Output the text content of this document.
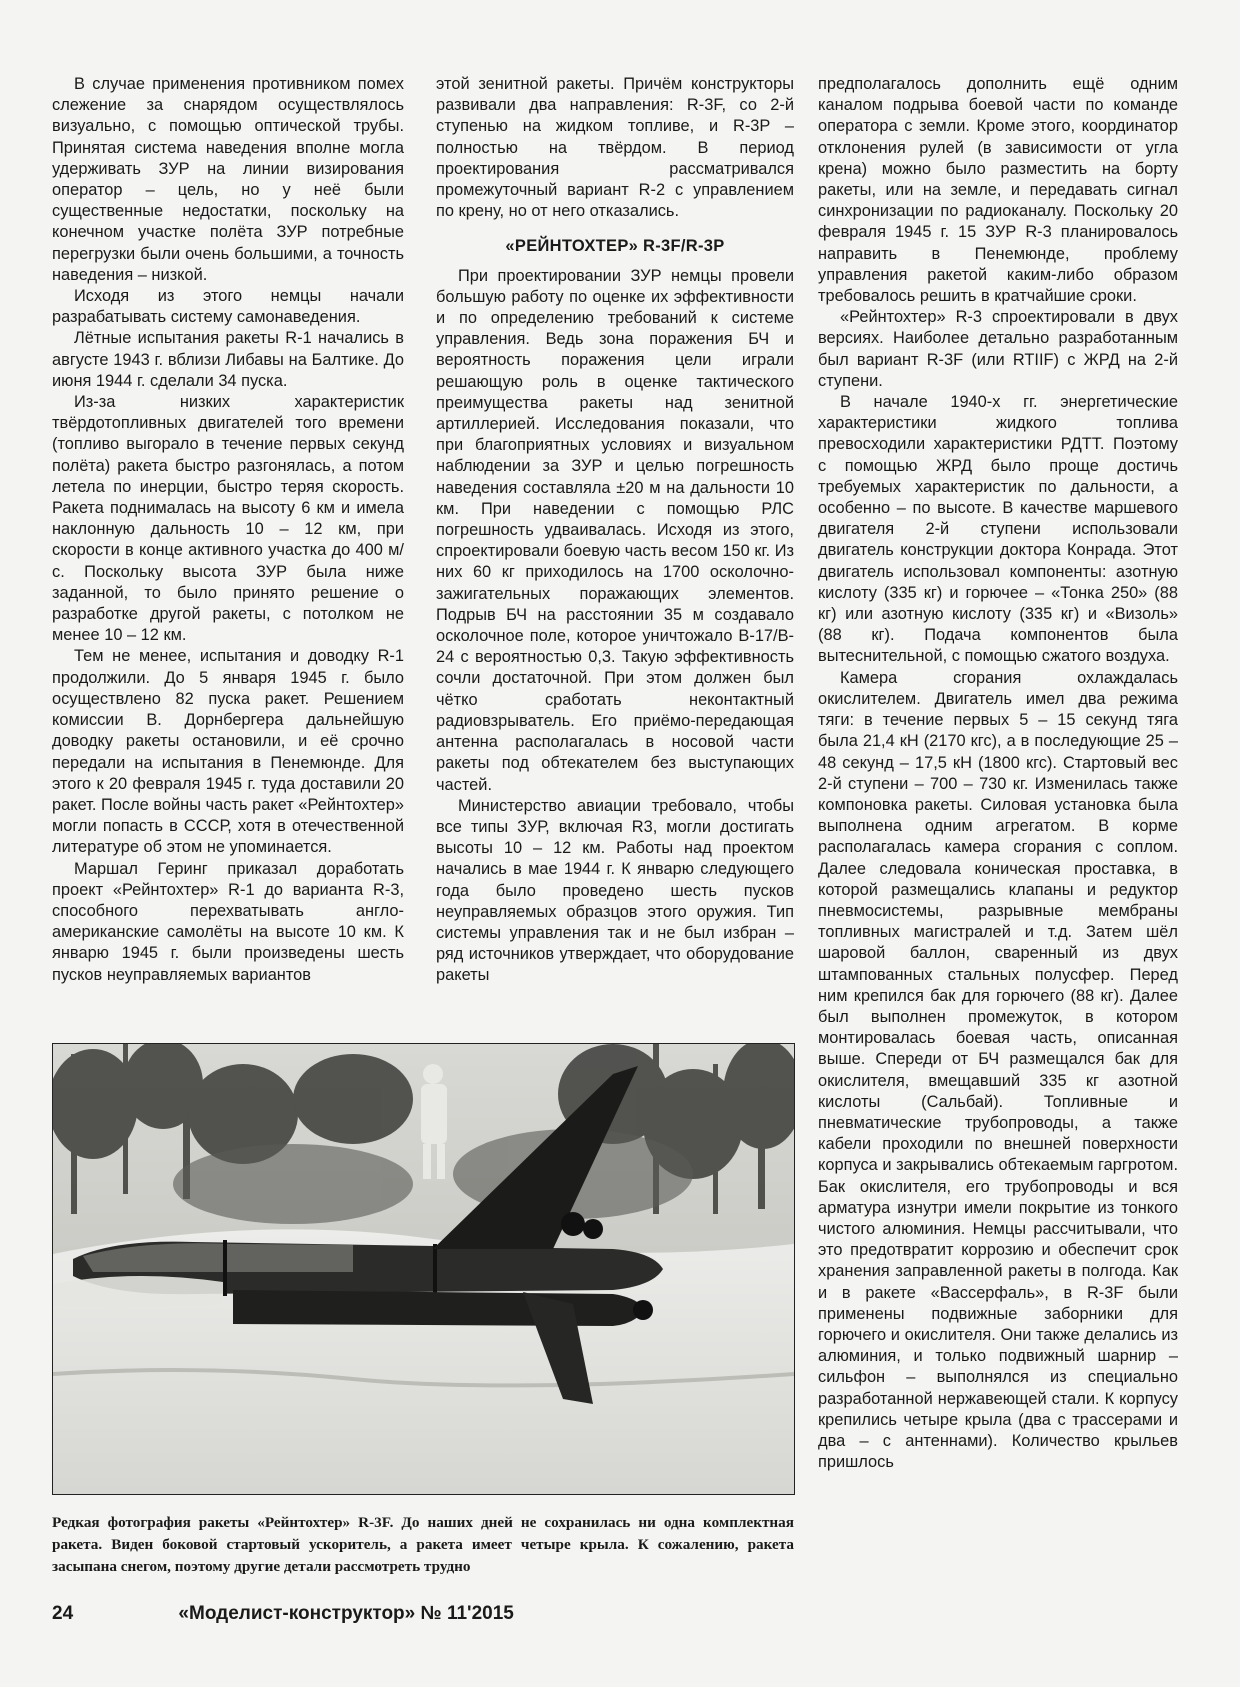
В случае применения противником помех слежение за снарядом осуществлялось визуально, с помощью оптической трубы. Принятая система наведения вполне могла удерживать ЗУР на линии визирования оператор – цель, но у неё были существенные недостатки, поскольку на конечном участке полёта ЗУР потребные перегрузки были очень большими, а точность наведения – низкой.

Исходя из этого немцы начали разрабатывать систему самонаведения.

Лётные испытания ракеты R-1 начались в августе 1943 г. вблизи Либавы на Балтике. До июня 1944 г. сделали 34 пуска.

Из-за низких характеристик твёрдотопливных двигателей того времени (топливо выгорало в течение первых секунд полёта) ракета быстро разгонялась, а потом летела по инерции, быстро теряя скорость. Ракета поднималась на высоту 6 км и имела наклонную дальность 10 – 12 км, при скорости в конце активного участка до 400 м/с. Поскольку высота ЗУР была ниже заданной, то было принято решение о разработке другой ракеты, с потолком не менее 10 – 12 км.

Тем не менее, испытания и доводку R-1 продолжили. До 5 января 1945 г. было осуществлено 82 пуска ракет. Решением комиссии В. Дорнбергера дальнейшую доводку ракеты остановили, и её срочно передали на испытания в Пенемюнде. Для этого к 20 февраля 1945 г. туда доставили 20 ракет. После войны часть ракет «Рейнтохтер» могли попасть в СССР, хотя в отечественной литературе об этом не упоминается.

Маршал Геринг приказал доработать проект «Рейнтохтер» R-1 до варианта R-3, способного перехватывать англо-американские самолёты на высоте 10 км. К январю 1945 г. были произведены шесть пусков неуправляемых вариантов

этой зенитной ракеты. Причём конструкторы развивали два направления: R-3F, со 2-й ступенью на жидком топливе, и R-3P – полностью на твёрдом. В период проектирования рассматривался промежуточный вариант R-2 с управлением по крену, но от него отказались.

«РЕЙНТОХТЕР» R-3F/R-3P

При проектировании ЗУР немцы провели большую работу по оценке их эффективности и по определению требований к системе управления. Ведь зона поражения БЧ и вероятность поражения цели играли решающую роль в оценке тактического преимущества ракеты над зенитной артиллерией. Исследования показали, что при благоприятных условиях и визуальном наблюдении за ЗУР и целью погрешность наведения составляла ±20 м на дальности 10 км. При наведении с помощью РЛС погрешность удваивалась. Исходя из этого, спроектировали боевую часть весом 150 кг. Из них 60 кг приходилось на 1700 осколочно-зажигательных поражающих элементов. Подрыв БЧ на расстоянии 35 м создавало осколочное поле, которое уничтожало B-17/B-24 с вероятностью 0,3. Такую эффективность сочли достаточной. При этом должен был чётко сработать неконтактный радиовзрыватель. Его приёмо-передающая антенна располагалась в носовой части ракеты под обтекателем без выступающих частей.

Министерство авиации требовало, чтобы все типы ЗУР, включая R3, могли достигать высоты 10 – 12 км. Работы над проектом начались в мае 1944 г. К январю следующего года было проведено шесть пусков неуправляемых образцов этого оружия. Тип системы управления так и не был избран – ряд источников утверждает, что оборудование ракеты

предполагалось дополнить ещё одним каналом подрыва боевой части по команде оператора с земли. Кроме этого, координатор отклонения рулей (в зависимости от угла крена) можно было разместить на борту ракеты, или на земле, и передавать сигнал синхронизации по радиоканалу. Поскольку 20 февраля 1945 г. 15 ЗУР R-3 планировалось направить в Пенемюнде, проблему управления ракетой каким-либо образом требовалось решить в кратчайшие сроки.

«Рейнтохтер» R-3 спроектировали в двух версиях. Наиболее детально разработанным был вариант R-3F (или RTIIF) с ЖРД на 2-й ступени.

В начале 1940-х гг. энергетические характеристики жидкого топлива превосходили характеристики РДТТ. Поэтому с помощью ЖРД было проще достичь требуемых характеристик по дальности, а особенно – по высоте. В качестве маршевого двигателя 2-й ступени использовали двигатель конструкции доктора Конрада. Этот двигатель использовал компоненты: азотную кислоту (335 кг) и горючее – «Тонка 250» (88 кг) или азотную кислоту (335 кг) и «Визоль» (88 кг). Подача компонентов была вытеснительной, с помощью сжатого воздуха.

Камера сгорания охлаждалась окислителем. Двигатель имел два режима тяги: в течение первых 5 – 15 секунд тяга была 21,4 кН (2170 кгс), а в последующие 25 – 48 секунд – 17,5 кН (1800 кгс). Стартовый вес 2-й ступени – 700 – 730 кг. Изменилась также компоновка ракеты. Силовая установка была выполнена одним агрегатом. В корме располагалась камера сгорания с соплом. Далее следовала коническая проставка, в которой размещались клапаны и редуктор пневмосистемы, разрывные мембраны топливных магистралей и т.д. Затем шёл шаровой баллон, сваренный из двух штампованных стальных полусфер. Перед ним крепился бак для горючего (88 кг). Далее был выполнен промежуток, в котором монтировалась боевая часть, описанная выше. Спереди от БЧ размещался бак для окислителя, вмещавший 335 кг азотной кислоты (Сальбай). Топливные и пневматические трубопроводы, а также кабели проходили по внешней поверхности корпуса и закрывались обтекаемым гаргротом. Бак окислителя, его трубопроводы и вся арматура изнутри имели покрытие из тонкого чистого алюминия. Немцы рассчитывали, что это предотвратит коррозию и обеспечит срок хранения заправленной ракеты в полгода. Как и в ракете «Вассерфаль», в R-3F были применены подвижные заборники для горючего и окислителя. Они также делались из алюминия, и только подвижный шарнир – сильфон – выполнялся из специально разработанной нержавеющей стали. К корпусу крепились четыре крыла (два с трассерами и два – с антеннами). Количество крыльев пришлось

Редкая фотография ракеты «Рейнтохтер» R-3F. До наших дней не сохранилась ни одна комплектная ракета. Виден боковой стартовый ускоритель, а ракета имеет четыре крыла. К сожалению, ракета засыпана снегом, поэтому другие детали рассмотреть трудно
24	«Моделист-конструктор» № 11'2015
